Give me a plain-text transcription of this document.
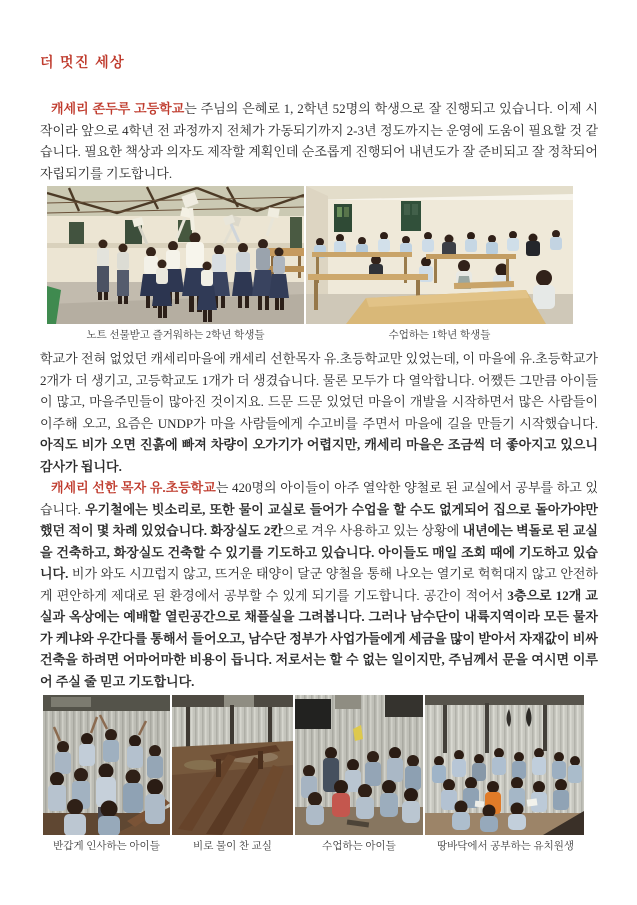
더 멋진 세상

캐세리 존두루 고등학교는 주님의 은혜로 1, 2학년 52명의 학생으로 잘 진행되고 있습니다. 이제 시작이라 앞으로 4학년 전 과정까지 전체가 가동되기까지 2-3년 정도까지는 운영에 도움이 필요할 것 같습니다. 필요한 책상과 의자도 제작할 계획인데 순조롭게 진행되어 내년도가 잘 준비되고 잘 정착되어 자립되기를 기도합니다.

노트 선물받고 즐거워하는 2학년 학생들	수업하는 1학년 학생들

학교가 전혀 없었던 캐세리마을에 캐세리 선한목자 유.초등학교만 있었는데, 이 마을에 유.초등학교가 2개가 더 생기고, 고등학교도 1개가 더 생겼습니다. 물론 모두가 다 열악합니다. 어쨌든 그만큼 아이들이 많고, 마을주민들이 많아진 것이지요. 드문 드문 있었던 마을이 개발을 시작하면서 많은 사람들이 이주해 오고, 요즘은 UNDP가 마을 사람들에게 수고비를 주면서 마을에 길을 만들기 시작했습니다. 아직도 비가 오면 진흙에 빠져 차량이 오가기가 어렵지만, 캐세리 마을은 조금씩 더 좋아지고 있으니 감사가 됩니다.

캐세리 선한 목자 유.초등학교는 420명의 아이들이 아주 열악한 양철로 된 교실에서 공부를 하고 있습니다. 우기철에는 빗소리로, 또한 물이 교실로 들어가 수업을 할 수도 없게되어 집으로 돌아가야만 했던 적이 몇 차례 있었습니다. 화장실도 2칸으로 겨우 사용하고 있는 상황에 내년에는 벽돌로 된 교실을 건축하고, 화장실도 건축할 수 있기를 기도하고 있습니다. 아이들도 매일 조회 때에 기도하고 있습니다. 비가 와도 시끄럽지 않고, 뜨거운 태양이 달군 양철을 통해 나오는 열기로 헉헉대지 않고 안전하게 편안하게 제대로 된 환경에서 공부할 수 있게 되기를 기도합니다. 공간이 적어서 3층으로 12개 교실과 옥상에는 예배할 열린공간으로 채플실을 그려봅니다. 그러나 남수단이 내륙지역이라 모든 물자가 케냐와 우간다를 통해서 들어오고, 남수단 정부가 사업가들에게 세금을 많이 받아서 자재값이 비싸 건축을 하려면 어마어마한 비용이 듭니다. 저로서는 할 수 없는 일이지만, 주님께서 문을 여시면 이루어 주실 줄 믿고 기도합니다.

반갑게 인사하는 아이들	비로 물이 찬 교실	수업하는 아이들	땅바닥에서 공부하는 유치원생
